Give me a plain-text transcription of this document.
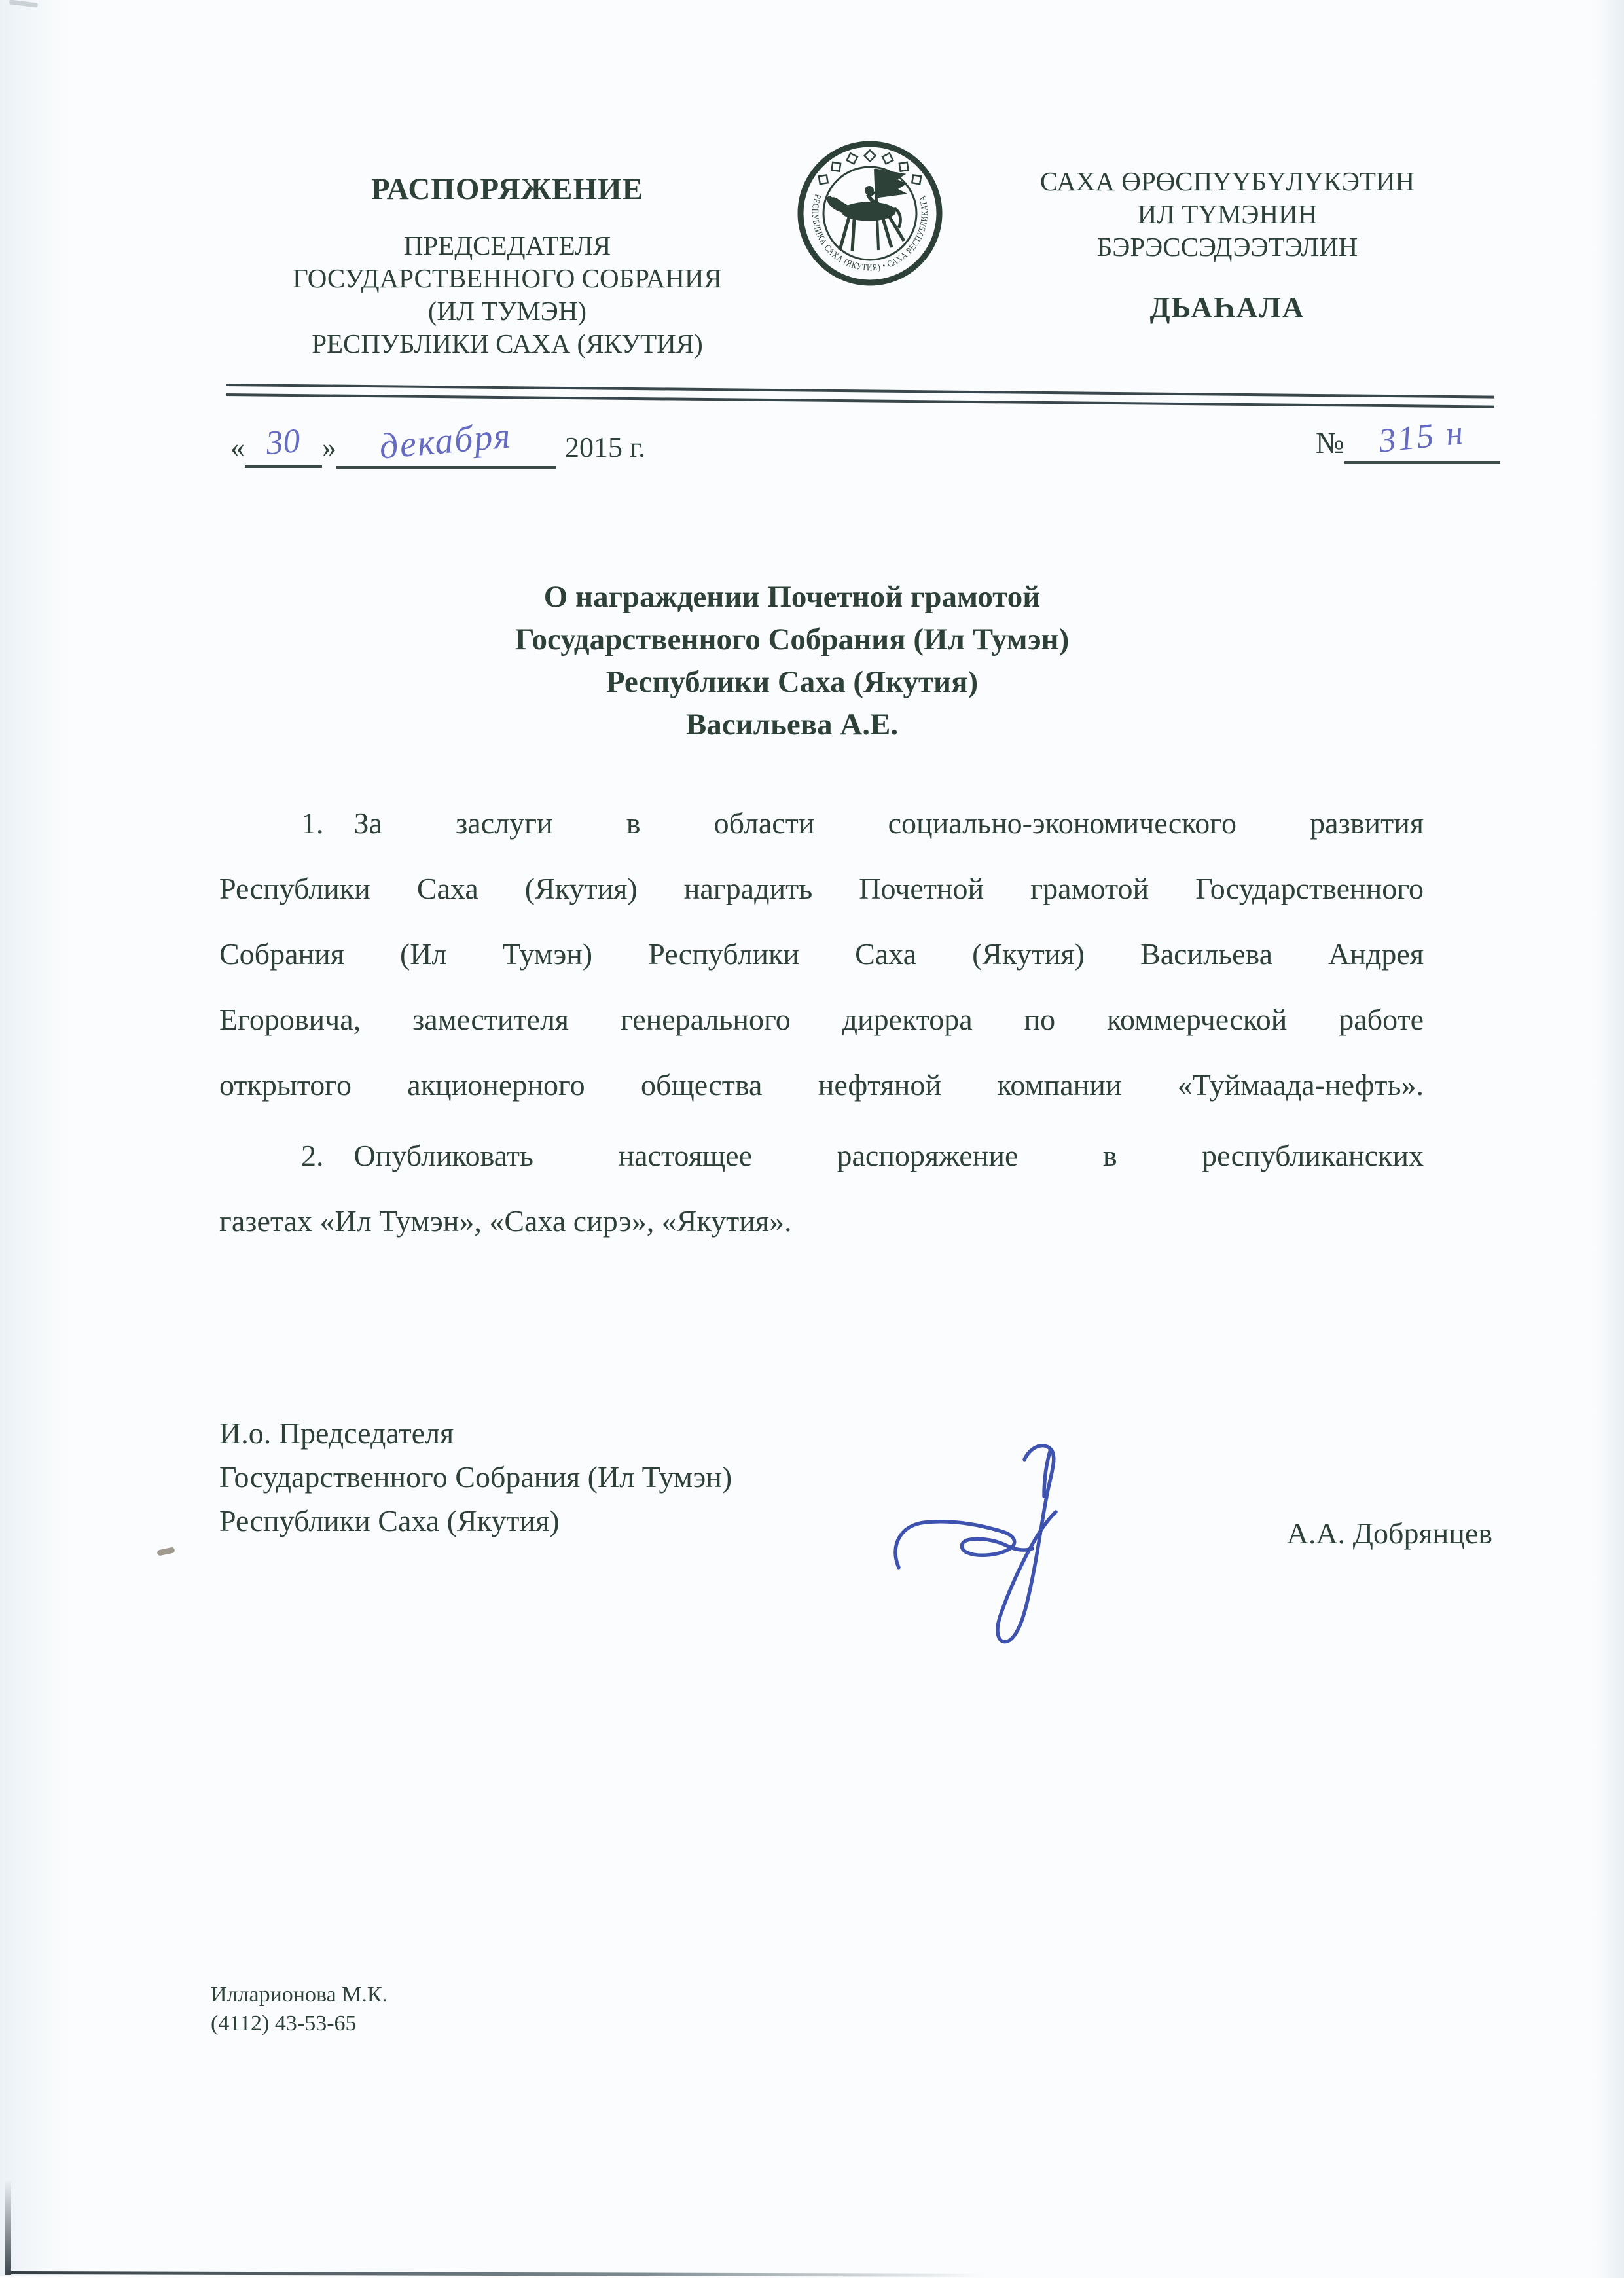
РАСПОРЯЖЕНИЕ
ПРЕДСЕДАТЕЛЯ
ГОСУДАРСТВЕННОГО СОБРАНИЯ
(ИЛ ТУМЭН)
РЕСПУБЛИКИ САХА (ЯКУТИЯ)
РЕСПУБЛИКА САХА (ЯКУТИЯ) • САХА РЕСПУБЛИКАТА
САХА ӨРӨСПҮҮБҮЛҮКЭТИН
ИЛ ТҮМЭНИН
БЭРЭССЭДЭЭТЭЛИН
ДЬАҺАЛА
« 30 » декабря 2015 г.	№ 315 н
О награждении Почетной грамотой
Государственного Собрания (Ил Тумэн)
Республики Саха (Якутия)
Васильева А.Е.
1. За заслуги в области социально-экономического развития
Республики Саха (Якутия) наградить Почетной грамотой Государственного
Собрания (Ил Тумэн) Республики Саха (Якутия) Васильева Андрея
Егоровича, заместителя генерального директора по коммерческой работе
открытого акционерного общества нефтяной компании «Туймаада-нефть».
2. Опубликовать настоящее распоряжение в республиканских
газетах «Ил Тумэн», «Саха сирэ», «Якутия».
И.о. Председателя
Государственного Собрания (Ил Тумэн)
Республики Саха (Якутия)	А.А. Добрянцев
Илларионова М.К.
(4112) 43-53-65
